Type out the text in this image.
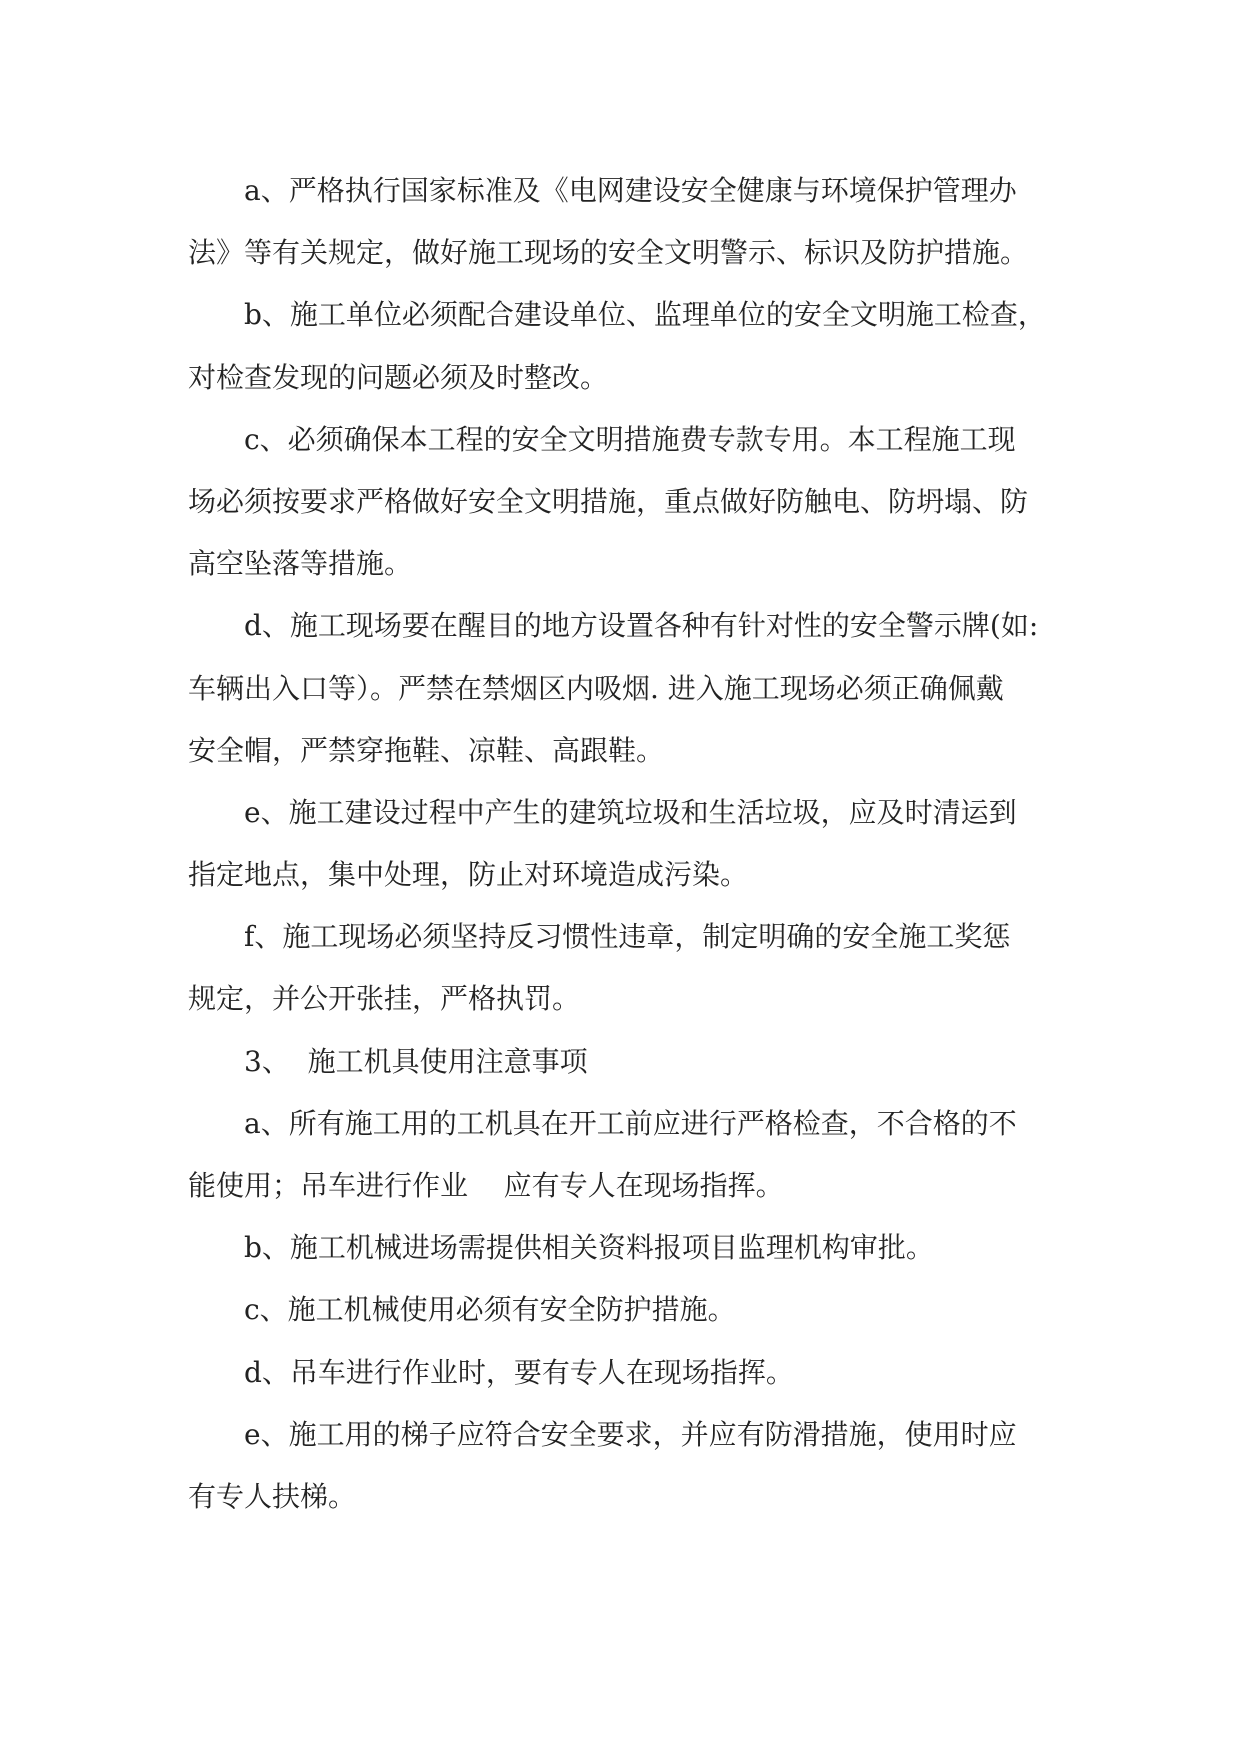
a、严格执行国家标准及《电网建设安全健康与环境保护管理办
法》等有关规定，做好施工现场的安全文明警示、标识及防护措施。
b、施工单位必须配合建设单位、监理单位的安全文明施工检查，
对检查发现的问题必须及时整改。
c、必须确保本工程的安全文明措施费专款专用。本工程施工现
场必须按要求严格做好安全文明措施，重点做好防触电、防坍塌、防
高空坠落等措施。
d、施工现场要在醒目的地方设置各种有针对性的安全警示牌(如:
车辆出入口等）。严禁在禁烟区内吸烟. 进入施工现场必须正确佩戴
安全帽，严禁穿拖鞋、凉鞋、高跟鞋。
e、施工建设过程中产生的建筑垃圾和生活垃圾，应及时清运到
指定地点，集中处理，防止对环境造成污染。
f、施工现场必须坚持反习惯性违章，制定明确的安全施工奖惩
规定，并公开张挂，严格执罚。
3、  施工机具使用注意事项
a、所有施工用的工机具在开工前应进行严格检查，不合格的不
能使用；吊车进行作业    应有专人在现场指挥。
b、施工机械进场需提供相关资料报项目监理机构审批。
c、施工机械使用必须有安全防护措施。
d、吊车进行作业时，要有专人在现场指挥。
e、施工用的梯子应符合安全要求，并应有防滑措施，使用时应
有专人扶梯。
